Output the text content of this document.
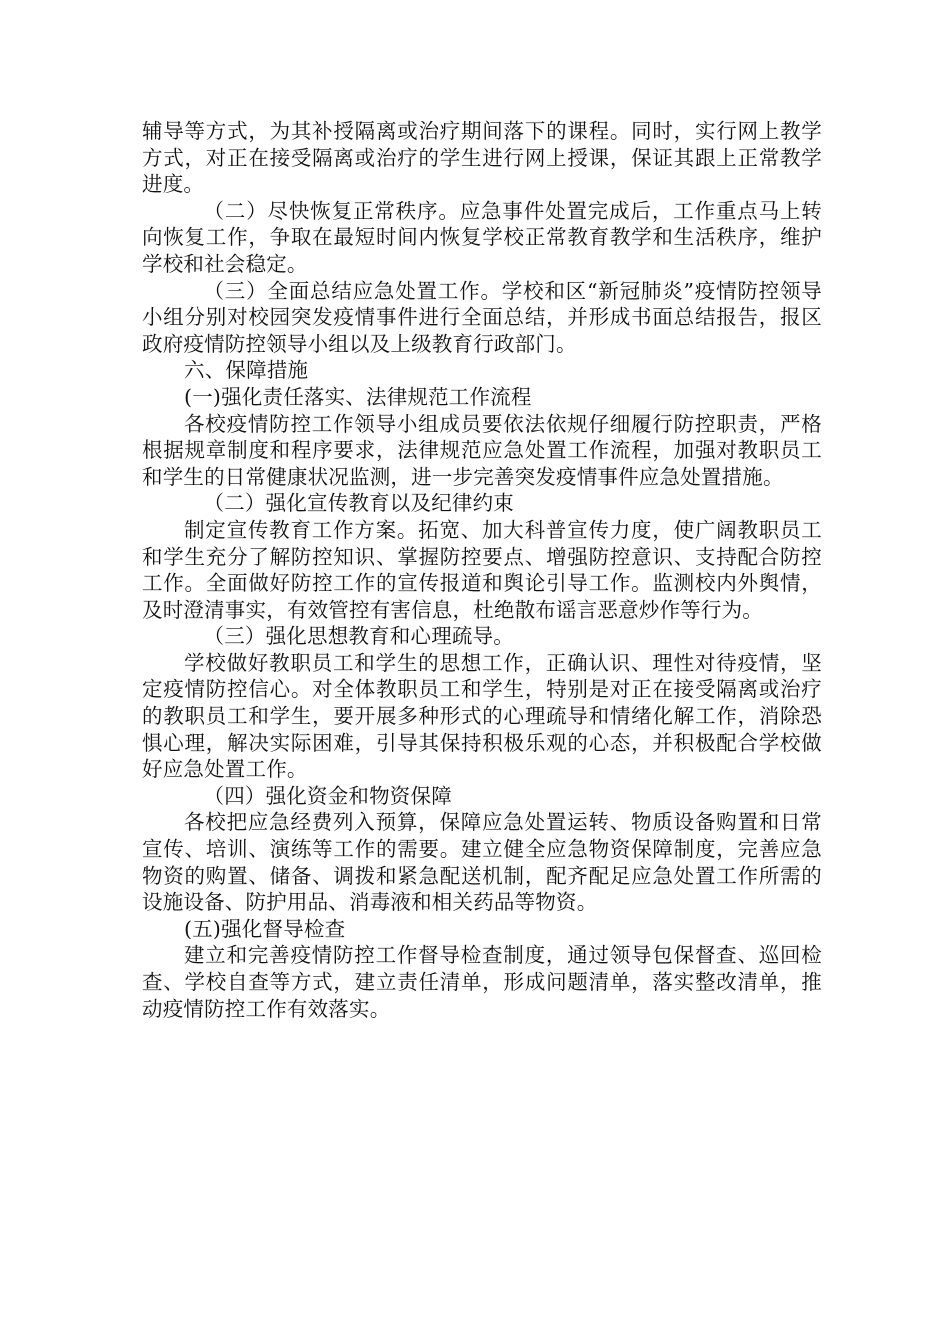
辅导等方式，为其补授隔离或治疗期间落下的课程。同时，实行网上教学方式，对正在接受隔离或治疗的学生进行网上授课，保证其跟上正常教学进度。

（二）尽快恢复正常秩序。应急事件处置完成后，工作重点马上转向恢复工作，争取在最短时间内恢复学校正常教育教学和生活秩序，维护学校和社会稳定。

（三）全面总结应急处置工作。学校和区“新冠肺炎”疫情防控领导小组分别对校园突发疫情事件进行全面总结，并形成书面总结报告，报区政府疫情防控领导小组以及上级教育行政部门。

六、保障措施

(一)强化责任落实、法律规范工作流程

各校疫情防控工作领导小组成员要依法依规仔细履行防控职责，严格根据规章制度和程序要求，法律规范应急处置工作流程，加强对教职员工和学生的日常健康状况监测，进一步完善突发疫情事件应急处置措施。

（二）强化宣传教育以及纪律约束

制定宣传教育工作方案。拓宽、加大科普宣传力度，使广阔教职员工和学生充分了解防控知识、掌握防控要点、增强防控意识、支持配合防控工作。全面做好防控工作的宣传报道和舆论引导工作。监测校内外舆情，及时澄清事实，有效管控有害信息，杜绝散布谣言恶意炒作等行为。

（三）强化思想教育和心理疏导。

学校做好教职员工和学生的思想工作，正确认识、理性对待疫情，坚定疫情防控信心。对全体教职员工和学生，特别是对正在接受隔离或治疗的教职员工和学生，要开展多种形式的心理疏导和情绪化解工作，消除恐惧心理，解决实际困难，引导其保持积极乐观的心态，并积极配合学校做好应急处置工作。

（四）强化资金和物资保障

各校把应急经费列入预算，保障应急处置运转、物质设备购置和日常宣传、培训、演练等工作的需要。建立健全应急物资保障制度，完善应急物资的购置、储备、调拨和紧急配送机制，配齐配足应急处置工作所需的设施设备、防护用品、消毒液和相关药品等物资。

(五)强化督导检查

建立和完善疫情防控工作督导检查制度，通过领导包保督查、巡回检查、学校自查等方式，建立责任清单，形成问题清单，落实整改清单，推动疫情防控工作有效落实。
